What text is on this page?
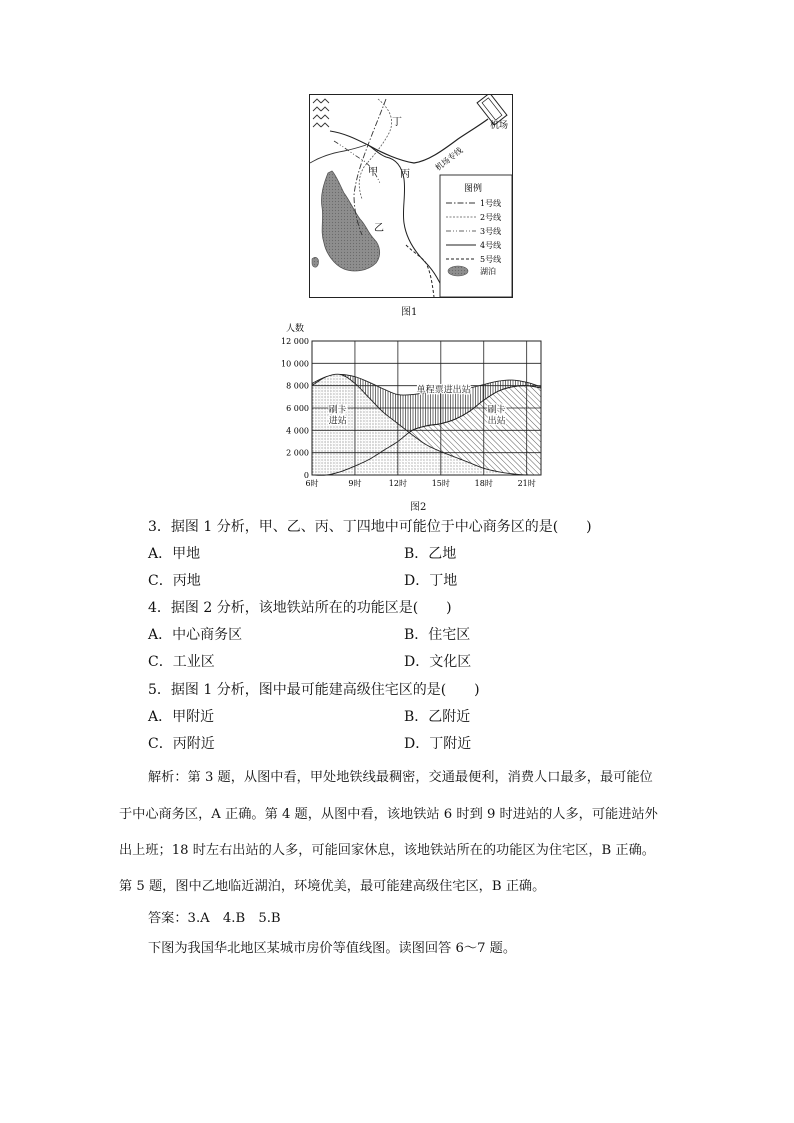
丁
甲 丙
乙
机场
机场专线
图例
1号线
2号线
3号线
4号线
5号线
湖泊
图1
人数
0
2 000
4 000
6 000
8 000
10 000
12 000
6时	9时	12时	15时	18时	21时
刷卡
进站
单程票进出站
刷卡
出站
图2
3．据图 1 分析，甲、乙、丙、丁四地中可能位于中心商务区的是(　　)
A．甲地	B．乙地
C．丙地	D．丁地
4．据图 2 分析，该地铁站所在的功能区是(　　)
A．中心商务区	B．住宅区
C．工业区	D．文化区
5．据图 1 分析，图中最可能建高级住宅区的是(　　)
A．甲附近	B．乙附近
C．丙附近	D．丁附近
解析：第 3 题，从图中看，甲处地铁线最稠密，交通最便利，消费人口最多，最可能位
于中心商务区，A 正确。第 4 题，从图中看，该地铁站 6 时到 9 时进站的人多，可能进站外
出上班；18 时左右出站的人多，可能回家休息，该地铁站所在的功能区为住宅区，B 正确。
第 5 题，图中乙地临近湖泊，环境优美，最可能建高级住宅区，B 正确。
答案：3.A　4.B　5.B
下图为我国华北地区某城市房价等值线图。读图回答 6～7 题。
